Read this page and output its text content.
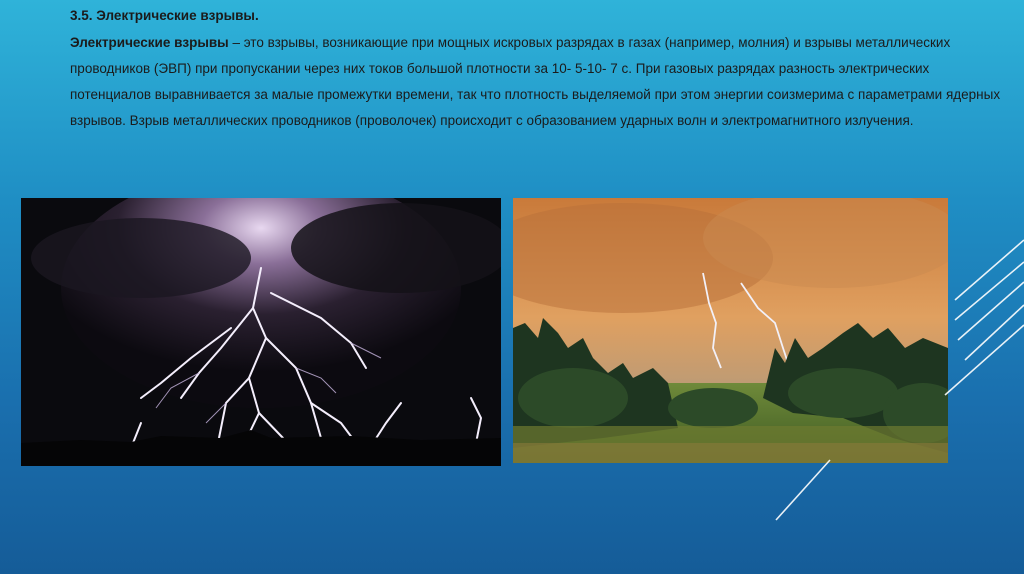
3.5. Электрические взрывы.
Электрические взрывы – это взрывы, возникающие при мощных искровых разрядах в газах (например, молния) и взрывы металлических проводников (ЭВП) при пропускании через них токов большой плотности за 10- 5-10- 7 с. При газовых разрядах разность электрических потенциалов выравнивается за малые промежутки времени, так что плотность выделяемой при этом энергии соизмерима с параметрами ядерных взрывов. Взрыв металлических проводников (проволочек) происходит с образованием ударных волн и электромагнитного излучения.
